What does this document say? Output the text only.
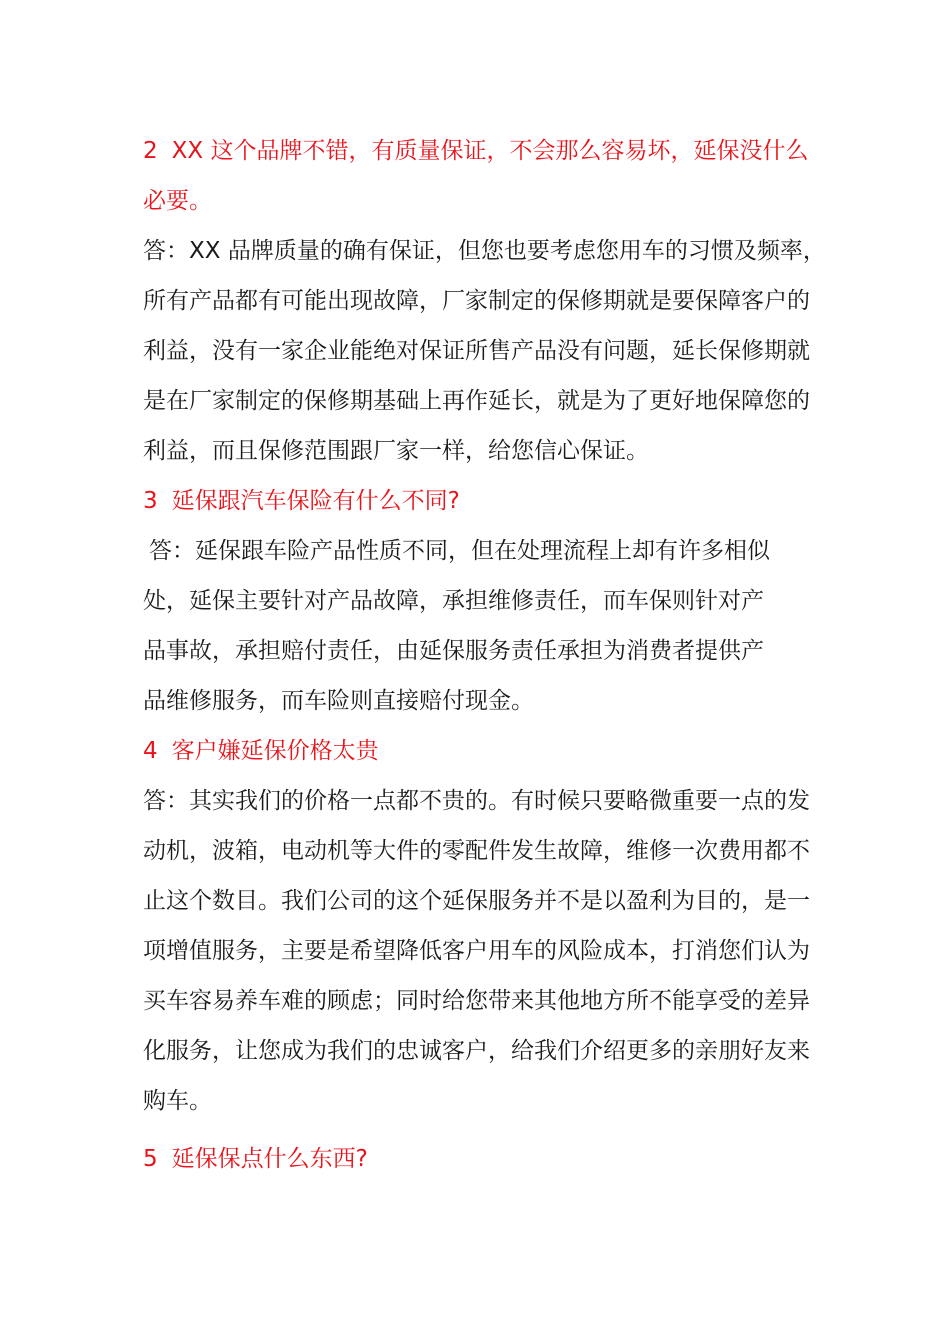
2 XX 这个品牌不错，有质量保证，不会那么容易坏，延保没什么
必要。
答：XX 品牌质量的确有保证，但您也要考虑您用车的习惯及频率，
所有产品都有可能出现故障，厂家制定的保修期就是要保障客户的
利益，没有一家企业能绝对保证所售产品没有问题，延长保修期就
是在厂家制定的保修期基础上再作延长，就是为了更好地保障您的
利益，而且保修范围跟厂家一样，给您信心保证。
3 延保跟汽车保险有什么不同?
答：延保跟车险产品性质不同，但在处理流程上却有许多相似
处，延保主要针对产品故障，承担维修责任，而车保则针对产
品事故，承担赔付责任，由延保服务责任承担为消费者提供产
品维修服务，而车险则直接赔付现金。
4 客户嫌延保价格太贵
答：其实我们的价格一点都不贵的。有时候只要略微重要一点的发
动机，波箱，电动机等大件的零配件发生故障，维修一次费用都不
止这个数目。我们公司的这个延保服务并不是以盈利为目的，是一
项增值服务，主要是希望降低客户用车的风险成本，打消您们认为
买车容易养车难的顾虑；同时给您带来其他地方所不能享受的差异
化服务，让您成为我们的忠诚客户，给我们介绍更多的亲朋好友来
购车。
5 延保保点什么东西?
